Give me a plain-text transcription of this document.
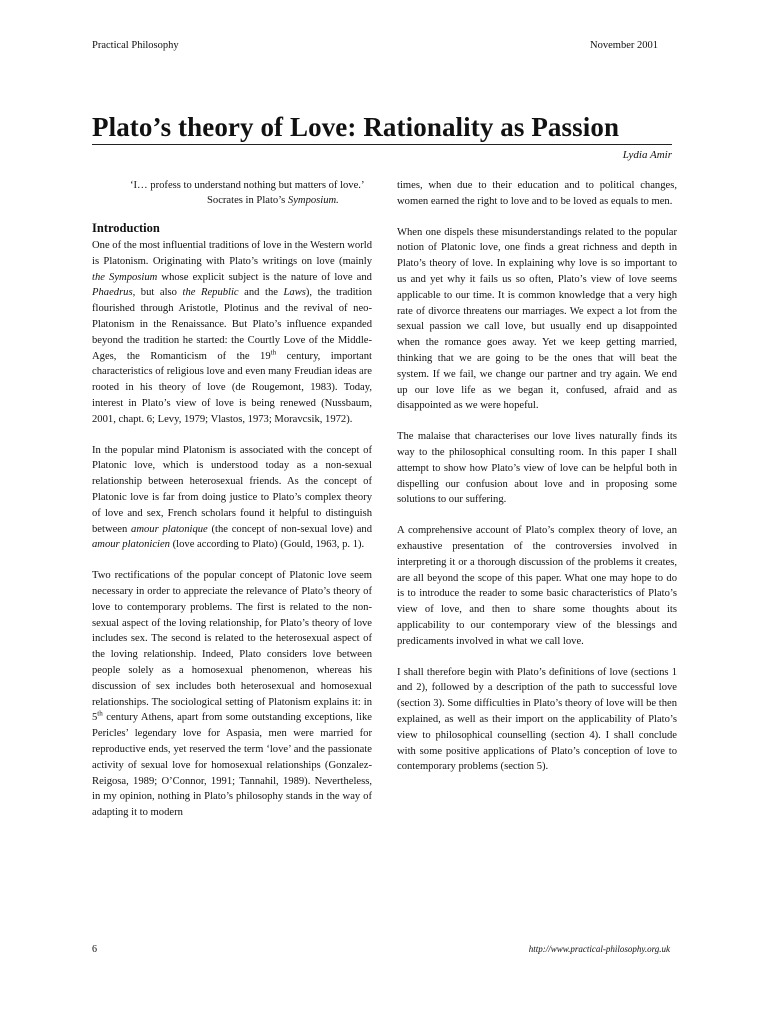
Practical Philosophy	November 2001
Plato’s theory of Love: Rationality as Passion
Lydia Amir
‘I… profess to understand nothing but matters of love.’
Socrates in Plato’s Symposium.
Introduction

One of the most influential traditions of love in the Western world is Platonism. Originating with Plato’s writings on love (mainly the Symposium whose explicit subject is the nature of love and Phaedrus, but also the Republic and the Laws), the tradition flourished through Aristotle, Plotinus and the revival of neo-Platonism in the Renaissance. But Plato’s influence expanded beyond the tradition he started: the Courtly Love of the Middle-Ages, the Romanticism of the 19th century, important characteristics of religious love and even many Freudian ideas are rooted in his theory of love (de Rougemont, 1983). Today, interest in Plato’s view of love is being renewed (Nussbaum, 2001, chapt. 6; Levy, 1979; Vlastos, 1973; Moravcsik, 1972).

In the popular mind Platonism is associated with the concept of Platonic love, which is understood today as a non-sexual relationship between heterosexual friends. As the concept of Platonic love is far from doing justice to Plato’s complex theory of love and sex, French scholars found it helpful to distinguish between amour platonique (the concept of non-sexual love) and amour platonicien (love according to Plato) (Gould, 1963, p. 1).

Two rectifications of the popular concept of Platonic love seem necessary in order to appreciate the relevance of Plato’s theory of love to contemporary problems. The first is related to the non-sexual aspect of the loving relationship, for Plato’s theory of love includes sex. The second is related to the heterosexual aspect of the loving relationship. Indeed, Plato considers love between people solely as a homosexual phenomenon, whereas his discussion of sex includes both heterosexual and homosexual relationships. The sociological setting of Platonism explains it: in 5th century Athens, apart from some outstanding exceptions, like Pericles’ legendary love for Aspasia, men were married for reproductive ends, yet reserved the term ‘love’ and the passionate activity of sexual love for homosexual relationships (Gonzalez-Reigosa, 1989; O’Connor, 1991; Tannahil, 1989). Nevertheless, in my opinion, nothing in Plato’s philosophy stands in the way of adapting it to modern

times, when due to their education and to political changes, women earned the right to love and to be loved as equals to men.

When one dispels these misunderstandings related to the popular notion of Platonic love, one finds a great richness and depth in Plato’s theory of love. In explaining why love is so important to us and yet why it fails us so often, Plato’s view of love seems applicable to our time. It is common knowledge that a very high rate of divorce threatens our marriages. We expect a lot from the sexual passion we call love, but usually end up disappointed when the romance goes away. Yet we keep getting married, thinking that we are going to be the ones that will beat the system. If we fail, we change our partner and try again. We end up our love life as we began it, confused, afraid and as disappointed as we were hopeful.

The malaise that characterises our love lives naturally finds its way to the philosophical consulting room. In this paper I shall attempt to show how Plato’s view of love can be helpful both in dispelling our confusion about love and in proposing some solutions to our suffering.

A comprehensive account of Plato’s complex theory of love, an exhaustive presentation of the controversies involved in interpreting it or a thorough discussion of the problems it creates, are all beyond the scope of this paper. What one may hope to do is to introduce the reader to some basic characteristics of Plato’s view of love, and then to share some thoughts about its applicability to our contemporary view of the blessings and predicaments involved in what we call love.

I shall therefore begin with Plato’s definitions of love (sections 1 and 2), followed by a description of the path to successful love (section 3). Some difficulties in Plato’s theory of love will be then explained, as well as their import on the applicability of Plato’s view to philosophical counselling (section 4). I shall conclude with some positive applications of Plato’s conception of love to contemporary problems (section 5).

6	http://www.practical-philosophy.org.uk
